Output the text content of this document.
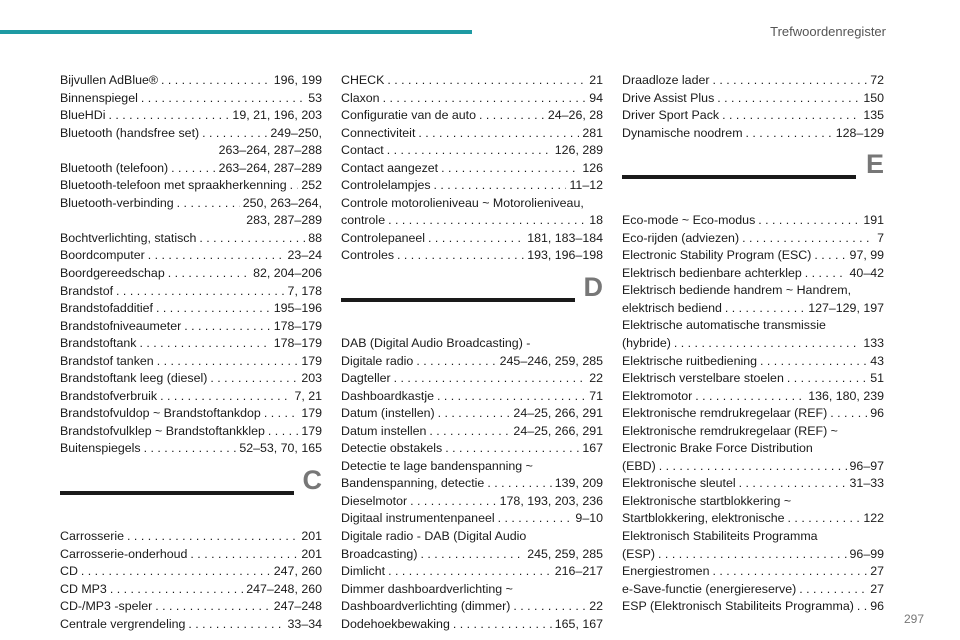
Trefwoordenregister
Bijvullen AdBlue® . . .	196, 199
Binnenspiegel . . .	53
BlueHDi . . .	19, 21, 196, 203
Bluetooth (handsfree set) . . .	249–250,
263–264, 287–288
Bluetooth (telefoon) . . .	263–264, 287–289
Bluetooth-telefoon met spraakherkenning . . . 252
Bluetooth-verbinding . . .	250, 263–264,
283, 287–289
Bochtverlichting, statisch . . .	88
Boordcomputer . . .	23–24
Boordgereedschap . . .	82, 204–206
Brandstof . . .	7, 178
Brandstofadditief . . .	195–196
Brandstofniveaumeter . . .	178–179
Brandstoftank . . .	178–179
Brandstof tanken . . .	179
Brandstoftank leeg (diesel) . . .	203
Brandstofverbruik . . .	7, 21
Brandstofvuldop ~ Brandstoftankdop . . .	179
Brandstofvulklep ~ Brandstoftankklep . . .	179
Buitenspiegels . . .	52–53, 70, 165
C
Carrosserie . . .	201
Carrosserie-onderhoud . . .	201
CD . . .	247, 260
CD MP3 . . .	247–248, 260
CD-/MP3 -speler . . .	247–248
Centrale vergrendeling . . .	33–34
CHECK . . .	21
Claxon . . .	94
Configuratie van de auto . . .	24–26, 28
Connectiviteit . . .	281
Contact . . .	126, 289
Contact aangezet . . .	126
Controlelampjes . . .	11–12
Controle motorolieniveau ~ Motorolieniveau,
controle . . .	18
Controlepaneel . . .	181, 183–184
Controles . . .	193, 196–198
D
DAB (Digital Audio Broadcasting) -
Digitale radio . . .	245–246, 259, 285
Dagteller . . .	22
Dashboardkastje . . .	71
Datum (instellen) . . .	24–25, 266, 291
Datum instellen . . .	24–25, 266, 291
Detectie obstakels . . .	167
Detectie te lage bandenspanning ~
Bandenspanning, detectie . . .	139, 209
Dieselmotor . . .	178, 193, 203, 236
Digitaal instrumentenpaneel . . .	9–10
Digitale radio - DAB (Digital Audio
Broadcasting) . . .	245, 259, 285
Dimlicht . . .	216–217
Dimmer dashboardverlichting ~
Dashboardverlichting (dimmer) . . .	22
Dodehoekbewaking . . .	165, 167
Draadloze lader . . .	72
Drive Assist Plus . . .	150
Driver Sport Pack . . .	135
Dynamische noodrem . . .	128–129
E
Eco-mode ~ Eco-modus . . .	191
Eco-rijden (adviezen) . . .	7
Electronic Stability Program (ESC) . . .	97, 99
Elektrisch bedienbare achterklep . . .	40–42
Elektrisch bediende handrem ~ Handrem,
elektrisch bediend . . .	127–129, 197
Elektrische automatische transmissie
(hybride) . . .	133
Elektrische ruitbediening . . .	43
Elektrisch verstelbare stoelen . . .	51
Elektromotor . . .	136, 180, 239
Elektronische remdrukregelaar (REF) . . .	96
Elektronische remdrukregelaar (REF) ~
Electronic Brake Force Distribution
(EBD) . . .	96–97
Elektronische sleutel . . .	31–33
Elektronische startblokkering ~
Startblokkering, elektronische . . .	122
Elektronisch Stabiliteits Programma
(ESP) . . .	96–99
Energiestromen . . .	27
e-Save-functie (energiereserve) . . .	27
ESP (Elektronisch Stabiliteits Programma) . . . 96
297
